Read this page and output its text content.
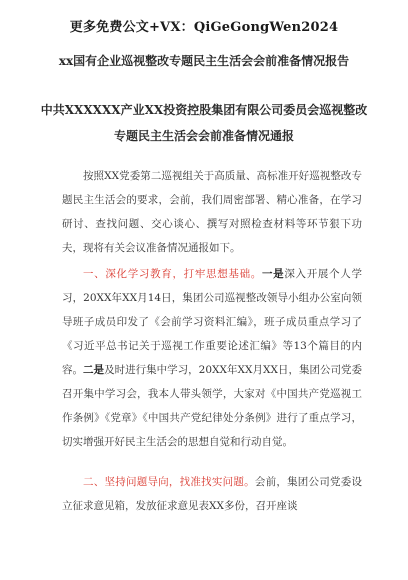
更多免费公文+VX：QiGeGongWen2024
xx国有企业巡视整改专题民主生活会会前准备情况报告
中共XXXXXX产业XX投资控股集团有限公司委员会巡视整改
专题民主生活会会前准备情况通报
按照XX党委第二巡视组关于高质量、高标准开好巡视整改专题民主生活会的要求，会前，我们周密部署、精心准备，在学习研讨、查找问题、交心谈心、撰写对照检查材料等环节狠下功夫，现将有关会议准备情况通报如下。
一、深化学习教育，打牢思想基础。一是深入开展个人学习，20XX年XX月14日，集团公司巡视整改领导小组办公室向领导班子成员印发了《会前学习资料汇编》，班子成员重点学习了《习近平总书记关于巡视工作重要论述汇编》等13个篇目的内容。二是及时进行集中学习，20XX年XX月XX日，集团公司党委召开集中学习会，我本人带头领学，大家对《中国共产党巡视工作条例》《党章》《中国共产党纪律处分条例》进行了重点学习，切实增强开好民主生活会的思想自觉和行动自觉。
二、坚持问题导向，找准找实问题。会前，集团公司党委设立征求意见箱，发放征求意见表XX多份，召开座谈
